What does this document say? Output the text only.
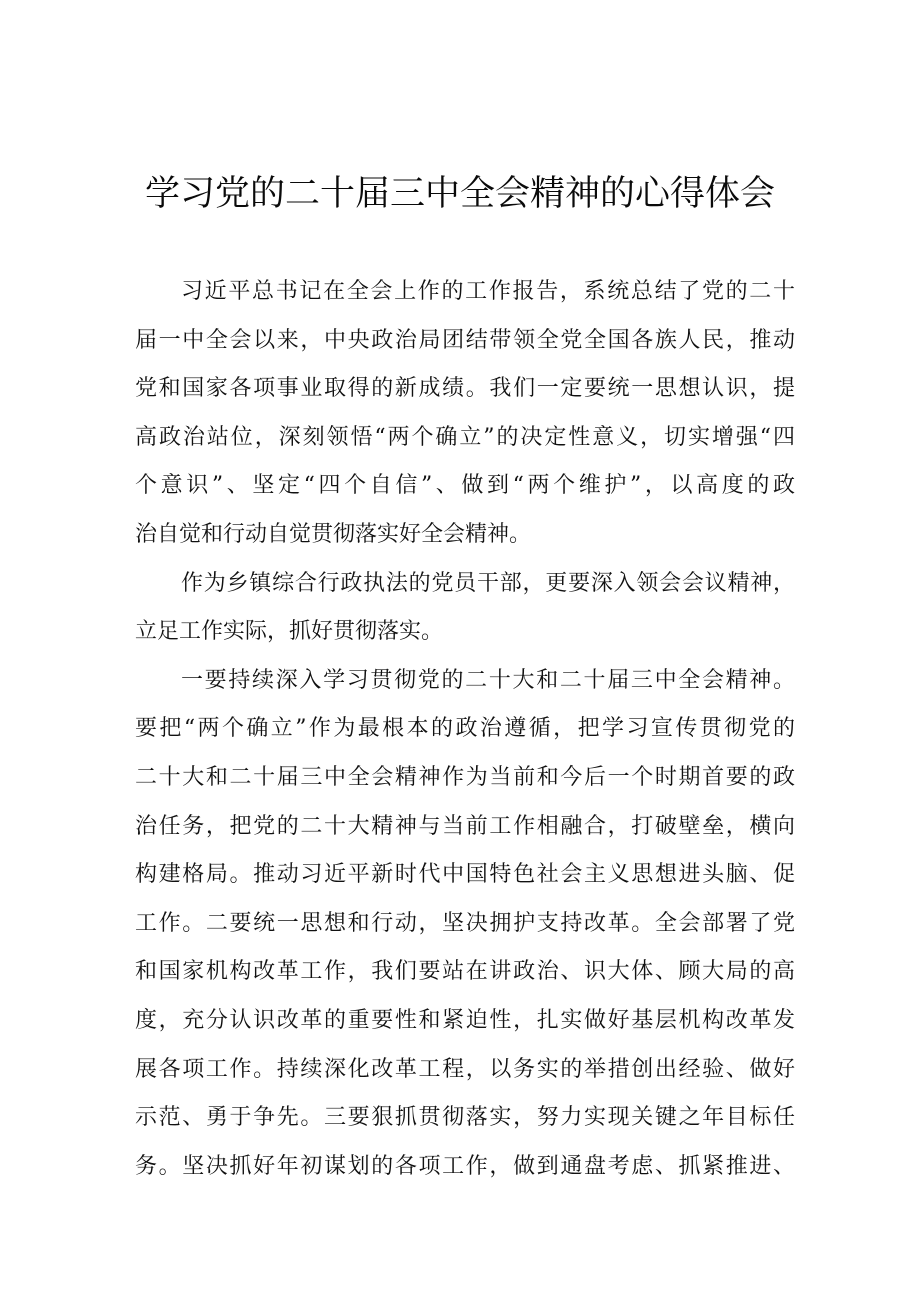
学习党的二十届三中全会精神的心得体会
习近平总书记在全会上作的工作报告，系统总结了党的二十
届一中全会以来，中央政治局团结带领全党全国各族人民，推动
党和国家各项事业取得的新成绩。我们一定要统一思想认识，提
高政治站位，深刻领悟“两个确立”的决定性意义，切实增强“四
个意识”、坚定“四个自信”、做到“两个维护”，以高度的政
治自觉和行动自觉贯彻落实好全会精神。
作为乡镇综合行政执法的党员干部，更要深入领会会议精神，
立足工作实际，抓好贯彻落实。
一要持续深入学习贯彻党的二十大和二十届三中全会精神。
要把“两个确立”作为最根本的政治遵循，把学习宣传贯彻党的
二十大和二十届三中全会精神作为当前和今后一个时期首要的政
治任务，把党的二十大精神与当前工作相融合，打破壁垒，横向
构建格局。推动习近平新时代中国特色社会主义思想进头脑、促
工作。二要统一思想和行动，坚决拥护支持改革。全会部署了党
和国家机构改革工作，我们要站在讲政治、识大体、顾大局的高
度，充分认识改革的重要性和紧迫性，扎实做好基层机构改革发
展各项工作。持续深化改革工程，以务实的举措创出经验、做好
示范、勇于争先。三要狠抓贯彻落实，努力实现关键之年目标任
务。坚决抓好年初谋划的各项工作，做到通盘考虑、抓紧推进、
